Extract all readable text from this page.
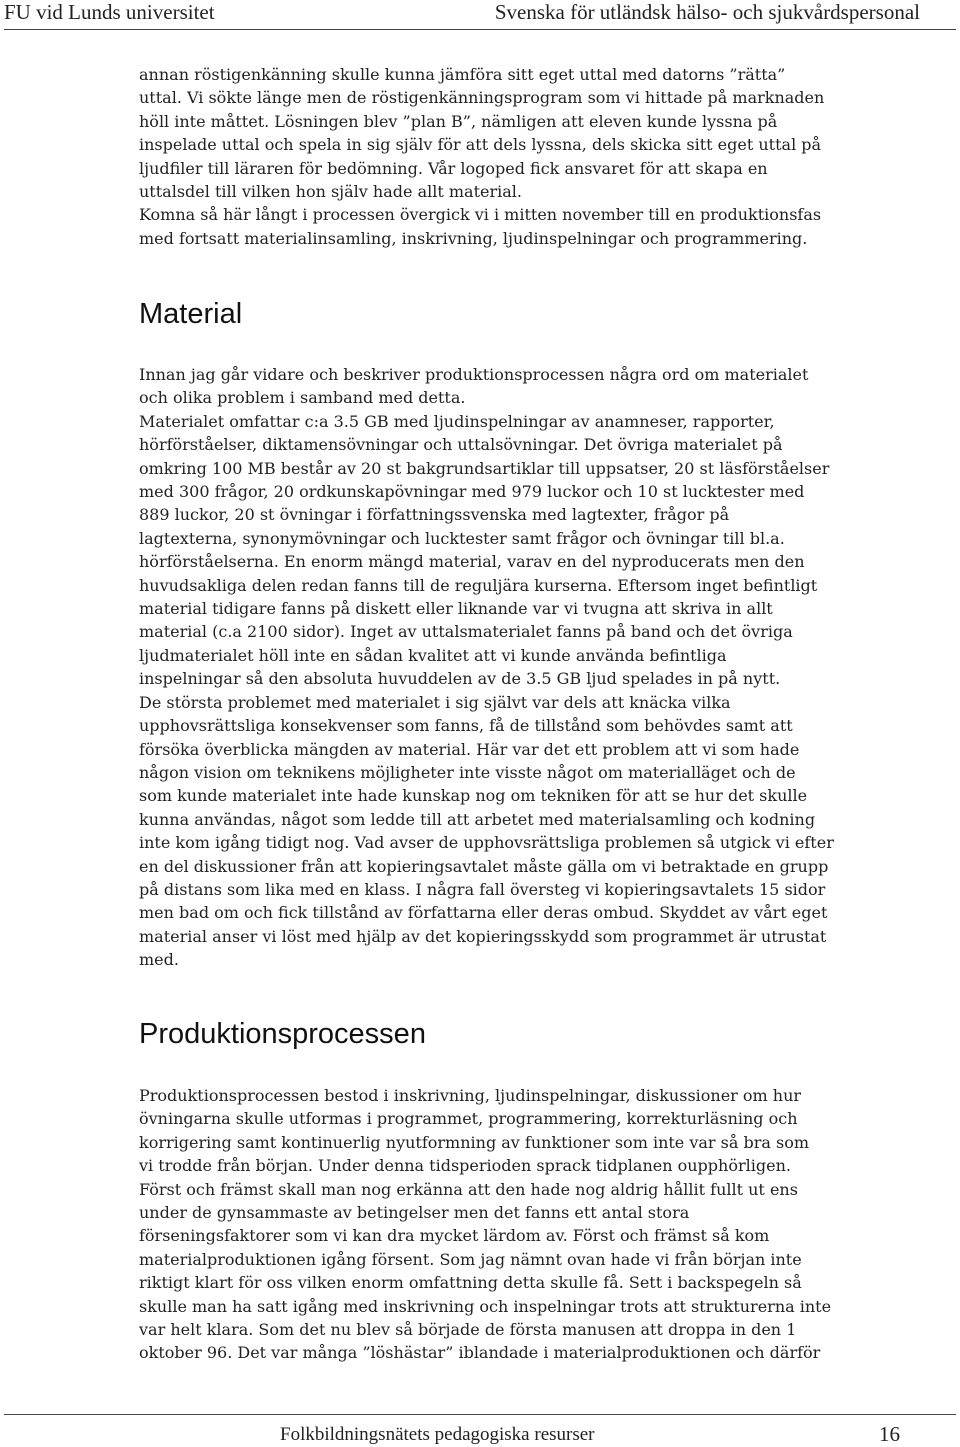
FU vid Lunds universitet	Svenska för utländsk hälso- och sjukvårdspersonal

annan röstigenkänning skulle kunna jämföra sitt eget uttal med datorns ”rätta”
uttal. Vi sökte länge men de röstigenkänningsprogram som vi hittade på marknaden
höll inte måttet. Lösningen blev ”plan B”, nämligen att eleven kunde lyssna på
inspelade uttal och spela in sig själv för att dels lyssna, dels skicka sitt eget uttal på
ljudfiler till läraren för bedömning. Vår logoped fick ansvaret för att skapa en
uttalsdel till vilken hon själv hade allt material.
Komna så här långt i processen övergick vi i mitten november till en produktionsfas
med fortsatt materialinsamling, inskrivning, ljudinspelningar och programmering.

Material

Innan jag går vidare och beskriver produktionsprocessen några ord om materialet
och olika problem i samband med detta.
Materialet omfattar c:a 3.5 GB med ljudinspelningar av anamneser, rapporter,
hörförståelser, diktamensövningar och uttalsövningar. Det övriga materialet på
omkring 100 MB består av 20 st bakgrundsartiklar till uppsatser, 20 st läsförståelser
med 300 frågor, 20 ordkunskapövningar med 979 luckor och 10 st lucktester med
889 luckor, 20 st övningar i författningssvenska med lagtexter, frågor på
lagtexterna, synonymövningar och lucktester samt frågor och övningar till bl.a.
hörförståelserna. En enorm mängd material, varav en del nyproducerats men den
huvudsakliga delen redan fanns till de reguljära kurserna. Eftersom inget befintligt
material tidigare fanns på diskett eller liknande var vi tvugna att skriva in allt
material (c.a 2100 sidor). Inget av uttalsmaterialet fanns på band och det övriga
ljudmaterialet höll inte en sådan kvalitet att vi kunde använda befintliga
inspelningar så den absoluta huvuddelen av de 3.5 GB ljud spelades in på nytt.
De största problemet med materialet i sig självt var dels att knäcka vilka
upphovsrättsliga konsekvenser som fanns, få de tillstånd som behövdes samt att
försöka överblicka mängden av material. Här var det ett problem att vi som hade
någon vision om teknikens möjligheter inte visste något om materialläget och de
som kunde materialet inte hade kunskap nog om tekniken för att se hur det skulle
kunna användas, något som ledde till att arbetet med materialsamling och kodning
inte kom igång tidigt nog. Vad avser de upphovsrättsliga problemen så utgick vi efter
en del diskussioner från att kopieringsavtalet måste gälla om vi betraktade en grupp
på distans som lika med en klass. I några fall översteg vi kopieringsavtalets 15 sidor
men bad om och fick tillstånd av författarna eller deras ombud. Skyddet av vårt eget
material anser vi löst med hjälp av det kopieringsskydd som programmet är utrustat
med.

Produktionsprocessen

Produktionsprocessen bestod i inskrivning, ljudinspelningar, diskussioner om hur
övningarna skulle utformas i programmet, programmering, korrekturläsning och
korrigering samt kontinuerlig nyutformning av funktioner som inte var så bra som
vi trodde från början. Under denna tidsperioden sprack tidplanen oupphörligen.
Först och främst skall man nog erkänna att den hade nog aldrig hållit fullt ut ens
under de gynsammaste av betingelser men det fanns ett antal stora
förseningsfaktorer som vi kan dra mycket lärdom av. Först och främst så kom
materialproduktionen igång försent. Som jag nämnt ovan hade vi från början inte
riktigt klart för oss vilken enorm omfattning detta skulle få. Sett i backspegeln så
skulle man ha satt igång med inskrivning och inspelningar trots att strukturerna inte
var helt klara. Som det nu blev så började de första manusen att droppa in den 1
oktober 96. Det var många ”löshästar” iblandade i materialproduktionen och därför

Folkbildningsnätets pedagogiska resurser	16
